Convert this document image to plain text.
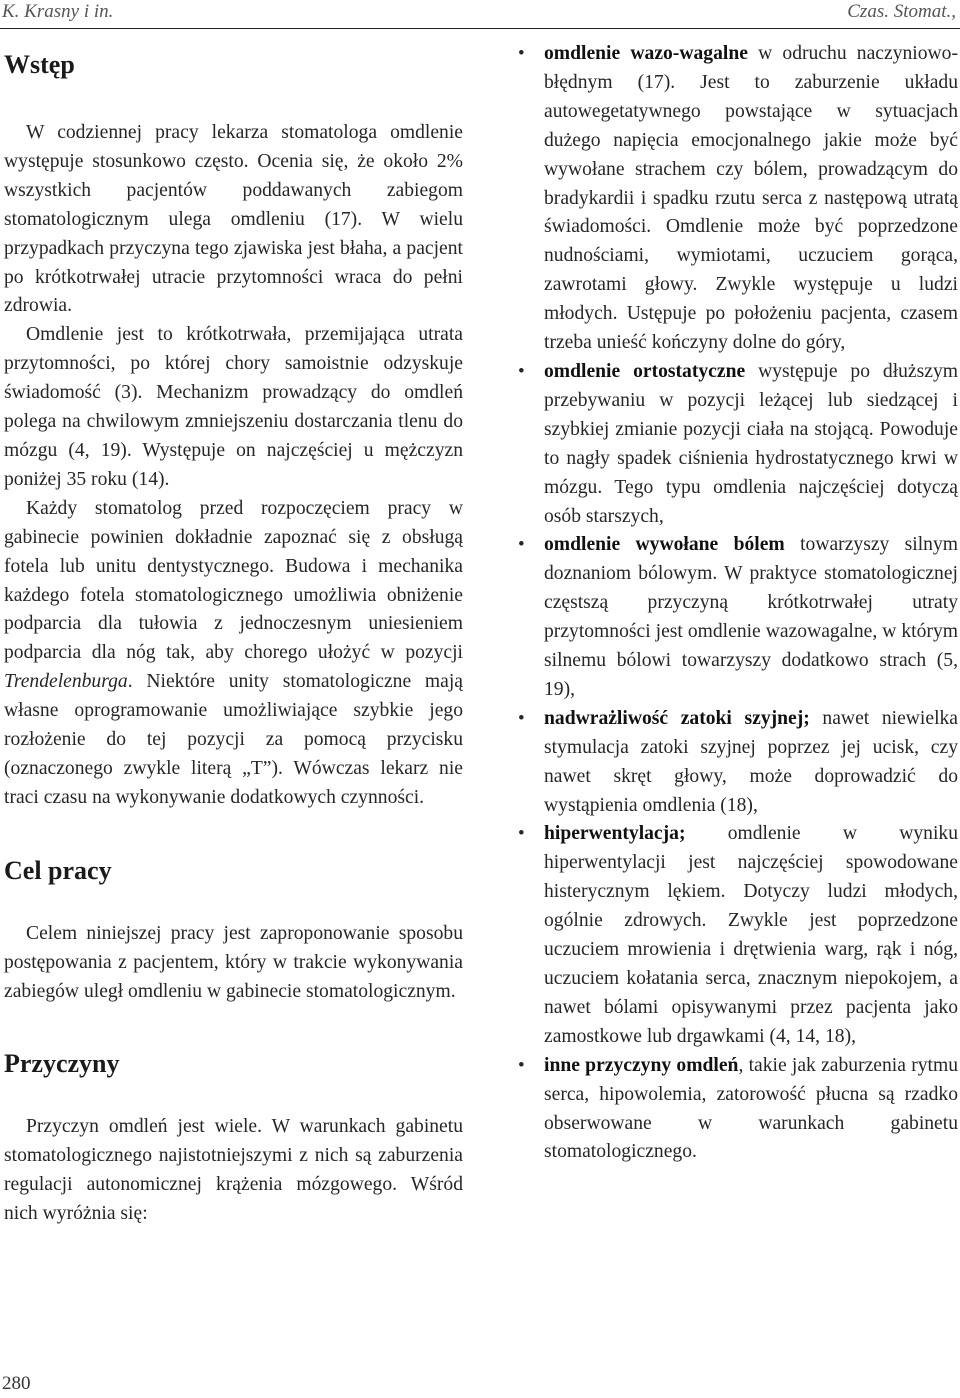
K. Krasny i in.	Czas. Stomat.,
Wstęp

W codziennej pracy lekarza stomatologa omdlenie występuje stosunkowo często. Ocenia się, że około 2% wszystkich pacjentów poddawanych zabiegom stomatologicznym ulega omdleniu (17). W wielu przypadkach przyczyna tego zjawiska jest błaha, a pacjent po krótkotrwałej utracie przytomności wraca do pełni zdrowia.

Omdlenie jest to krótkotrwała, przemijająca utrata przytomności, po której chory samoistnie odzyskuje świadomość (3). Mechanizm prowadzący do omdleń polega na chwilowym zmniejszeniu dostarczania tlenu do mózgu (4, 19). Występuje on najczęściej u mężczyzn poniżej 35 roku (14).

Każdy stomatolog przed rozpoczęciem pracy w gabinecie powinien dokładnie zapoznać się z obsługą fotela lub unitu dentystycznego. Budowa i mechanika każdego fotela stomatologicznego umożliwia obniżenie podparcia dla tułowia z jednoczesnym uniesieniem podparcia dla nóg tak, aby chorego ułożyć w pozycji Trendelenburga. Niektóre unity stomatologiczne mają własne oprogramowanie umożliwiające szybkie jego rozłożenie do tej pozycji za pomocą przycisku (oznaczonego zwykle literą „T”). Wówczas lekarz nie traci czasu na wykonywanie dodatkowych czynności.

Cel pracy

Celem niniejszej pracy jest zaproponowanie sposobu postępowania z pacjentem, który w trakcie wykonywania zabiegów uległ omdleniu w gabinecie stomatologicznym.

Przyczyny

Przyczyn omdleń jest wiele. W warunkach gabinetu stomatologicznego najistotniejszymi z nich są zaburzenia regulacji autonomicznej krążenia mózgowego. Wśród nich wyróżnia się:

• omdlenie wazo-wagalne w odruchu naczyniowo-błędnym (17). Jest to zaburzenie układu autowegetatywnego powstające w sytuacjach dużego napięcia emocjonalnego jakie może być wywołane strachem czy bólem, prowadzącym do bradykardii i spadku rzutu serca z następową utratą świadomości. Omdlenie może być poprzedzone nudnościami, wymiotami, uczuciem gorąca, zawrotami głowy. Zwykle występuje u ludzi młodych. Ustępuje po położeniu pacjenta, czasem trzeba unieść kończyny dolne do góry,
• omdlenie ortostatyczne występuje po dłuższym przebywaniu w pozycji leżącej lub siedzącej i szybkiej zmianie pozycji ciała na stojącą. Powoduje to nagły spadek ciśnienia hydrostatycznego krwi w mózgu. Tego typu omdlenia najczęściej dotyczą osób starszych,
• omdlenie wywołane bólem towarzyszy silnym doznaniom bólowym. W praktyce stomatologicznej częstszą przyczyną krótkotrwałej utraty przytomności jest omdlenie wazowagalne, w którym silnemu bólowi towarzyszy dodatkowo strach (5, 19),
• nadwrażliwość zatoki szyjnej; nawet niewielka stymulacja zatoki szyjnej poprzez jej ucisk, czy nawet skręt głowy, może doprowadzić do wystąpienia omdlenia (18),
• hiperwentylacja; omdlenie w wyniku hiperwentylacji jest najczęściej spowodowane histerycznym lękiem. Dotyczy ludzi młodych, ogólnie zdrowych. Zwykle jest poprzedzone uczuciem mrowienia i drętwienia warg, rąk i nóg, uczuciem kołatania serca, znacznym niepokojem, a nawet bólami opisywanymi przez pacjenta jako zamostkowe lub drgawkami (4, 14, 18),
• inne przyczyny omdleń, takie jak zaburzenia rytmu serca, hipowolemia, zatorowość płucna są rzadko obserwowane w warunkach gabinetu stomatologicznego.
280
